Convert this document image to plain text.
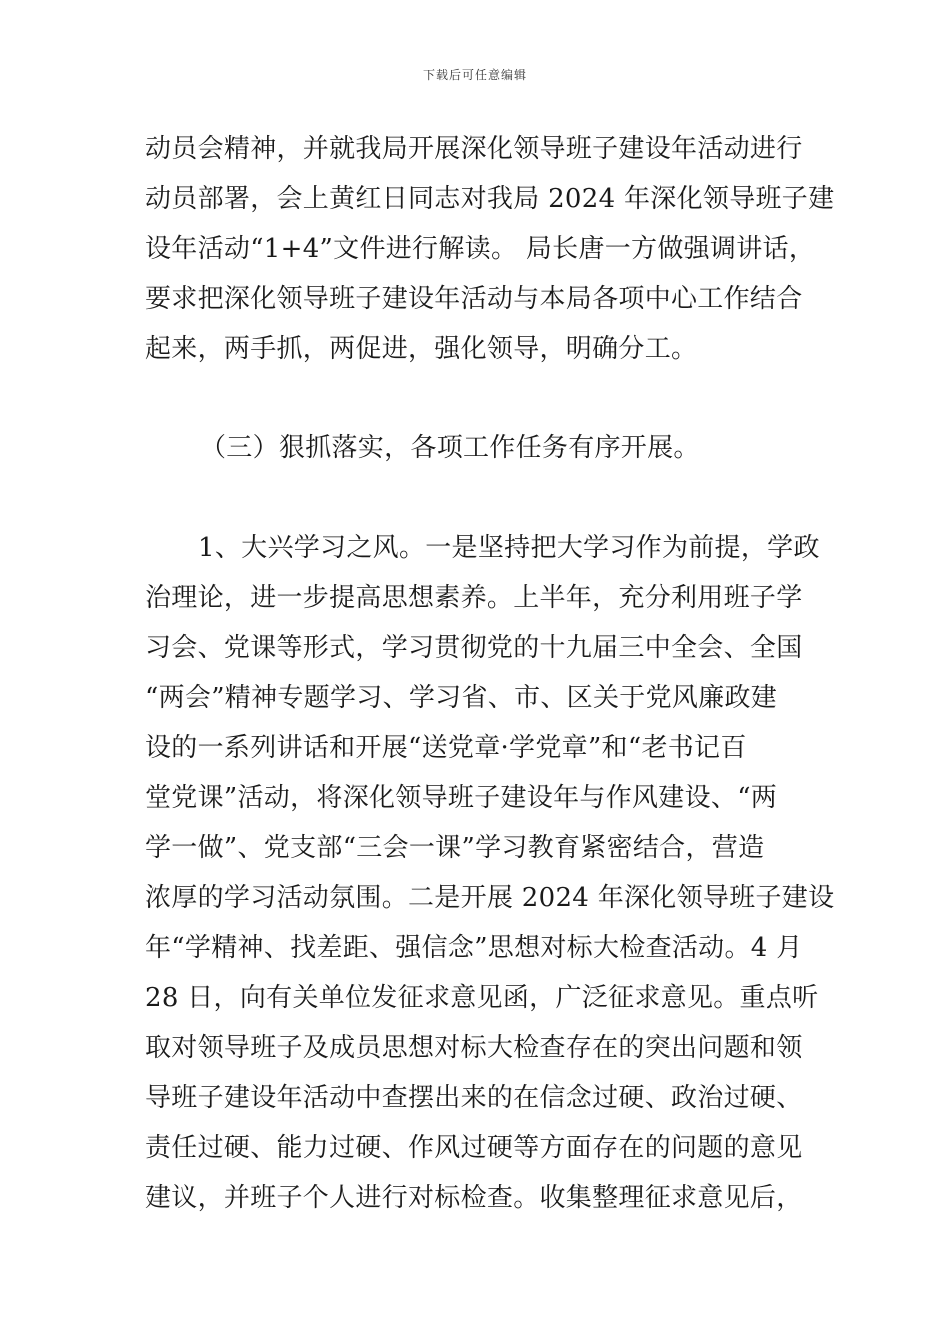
下载后可任意编辑
动员会精神，并就我局开展深化领导班子建设年活动进行
动员部署，会上黄红日同志对我局 2024 年深化领导班子建
设年活动“1+4”文件进行解读。 局长唐一方做强调讲话，
要求把深化领导班子建设年活动与本局各项中心工作结合
起来，两手抓，两促进，强化领导，明确分工。
（三）狠抓落实，各项工作任务有序开展。
1、大兴学习之风。一是坚持把大学习作为前提，学政
治理论，进一步提高思想素养。上半年，充分利用班子学
习会、党课等形式，学习贯彻党的十九届三中全会、全国
“两会”精神专题学习、学习省、市、区关于党风廉政建
设的一系列讲话和开展“送党章·学党章”和“老书记百
堂党课”活动，将深化领导班子建设年与作风建设、“两
学一做”、党支部“三会一课”学习教育紧密结合，营造
浓厚的学习活动氛围。二是开展 2024 年深化领导班子建设
年“学精神、找差距、强信念”思想对标大检查活动。4 月
28 日，向有关单位发征求意见函，广泛征求意见。重点听
取对领导班子及成员思想对标大检查存在的突出问题和领
导班子建设年活动中查摆出来的在信念过硬、政治过硬、
责任过硬、能力过硬、作风过硬等方面存在的问题的意见
建议，并班子个人进行对标检查。收集整理征求意见后，
